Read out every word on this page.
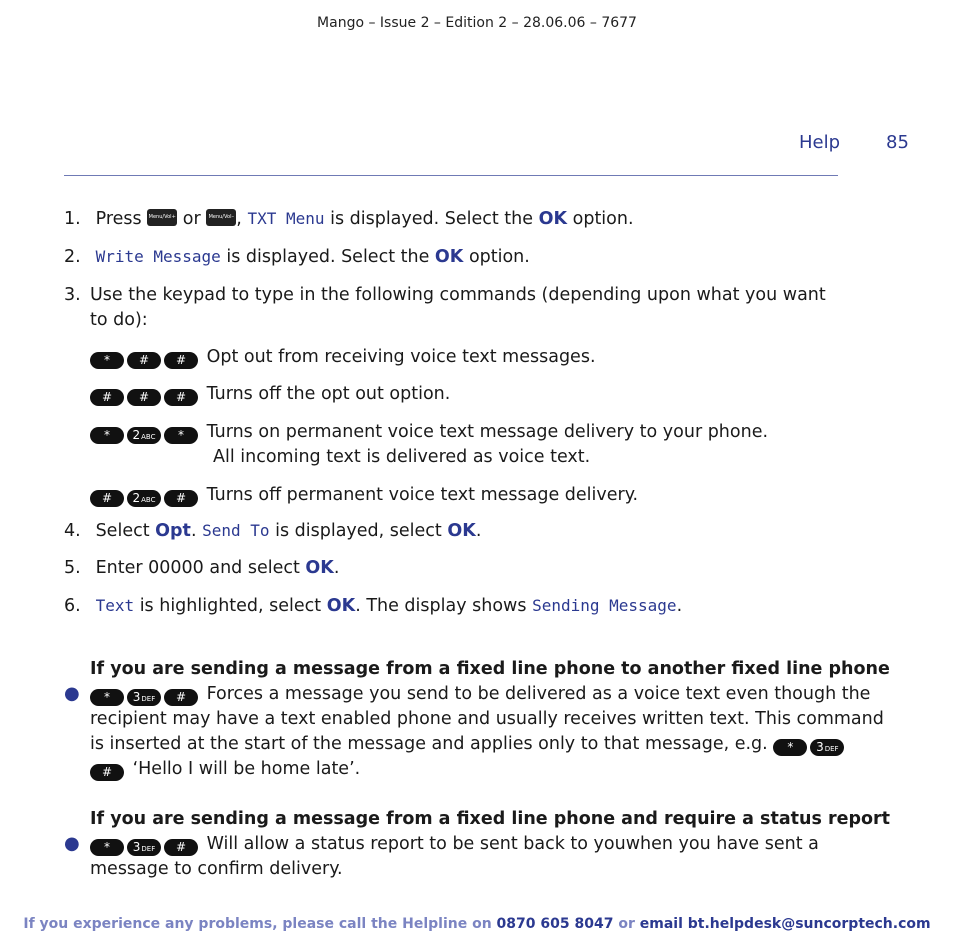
Mango – Issue 2 – Edition 2 – 28.06.06 – 7677
Help	85
1. Press Menu/Vol+ or Menu/Vol– , TXT Menu is displayed. Select the OK option.
2. Write Message is displayed. Select the OK option.
3. Use the keypad to type in the following commands (depending upon what you want
to do):
* # # Opt out from receiving voice text messages.
# # # Turns off the opt out option.
* 2ABC * Turns on permanent voice text message delivery to your phone.
All incoming text is delivered as voice text.
# 2ABC # Turns off permanent voice text message delivery.
4. Select Opt. Send To is displayed, select OK.
5. Enter 00000 and select OK.
6. Text is highlighted, select OK. The display shows Sending Message.
If you are sending a message from a fixed line phone to another fixed line phone
●	* 3DEF # Forces a message you send to be delivered as a voice text even though the
recipient may have a text enabled phone and usually receives written text. This command
is inserted at the start of the message and applies only to that message, e.g. * 3DEF
# ‘Hello I will be home late’.
If you are sending a message from a fixed line phone and require a status report
●	* 3DEF # Will allow a status report to be sent back to youwhen you have sent a
message to confirm delivery.
If you experience any problems, please call the Helpline on 0870 605 8047 or email bt.helpdesk@suncorptech.com
